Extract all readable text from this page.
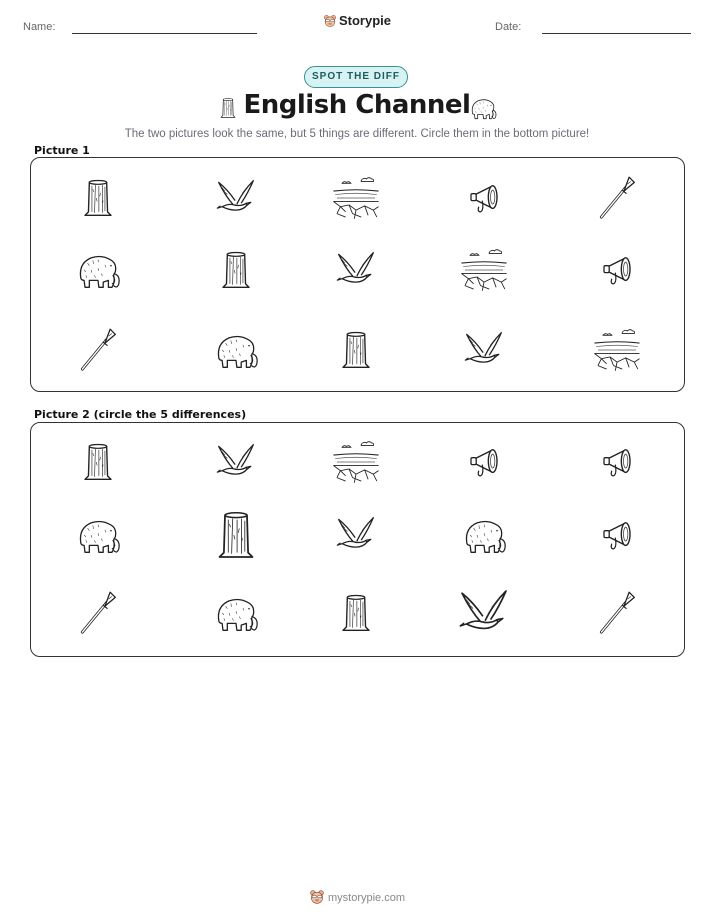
Name:	Storypie	Date:
SPOT THE DIFF
English Channel
The two pictures look the same, but 5 things are different. Circle them in the bottom picture!
Picture 1
Picture 2 (circle the 5 differences)
mystorypie.com
